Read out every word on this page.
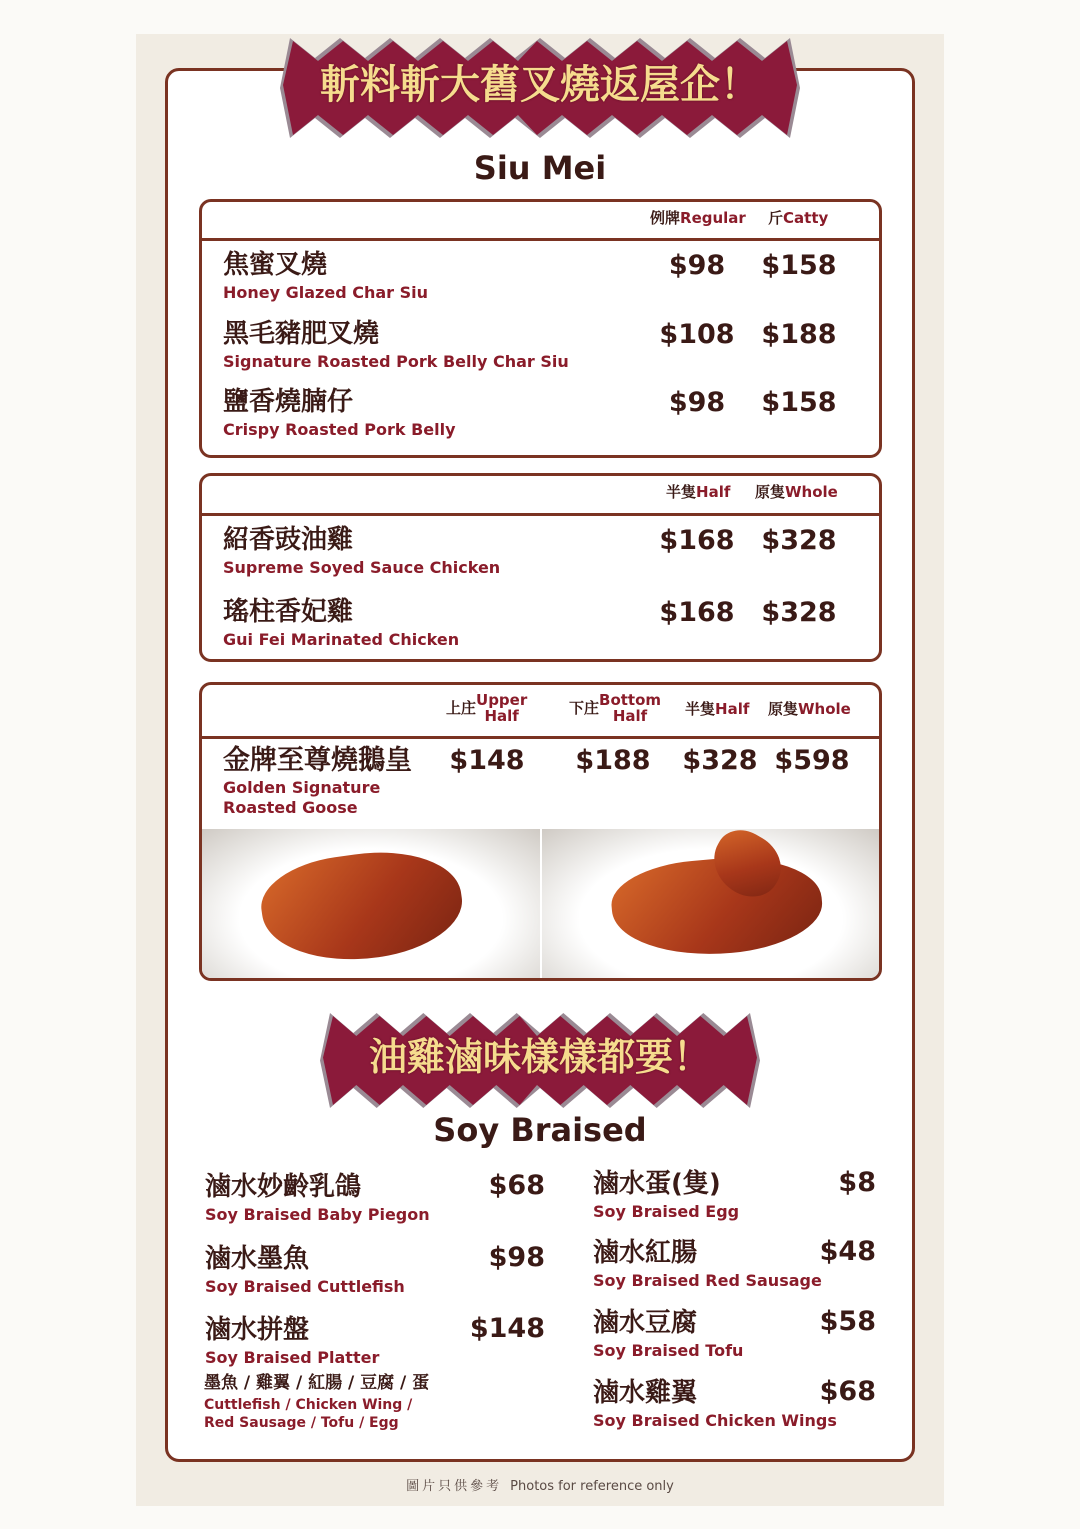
斬料斬大舊叉燒返屋企！
Siu Mei
例牌Regular 斤Catty
半隻Half 原隻Whole
上庄Upper
Half	下庄Bottom
Half	半隻Half 原隻Whole
金牌至尊燒鵝皇
Golden Signature
Roasted Goose
$148 $188 $328 $598
油雞滷味樣樣都要！
Soy Braised
墨魚 / 雞翼 / 紅腸 / 豆腐 / 蛋
Cuttlefish / Chicken Wing /
Red Sausage / Tofu / Egg
圖片只供參考 Photos for reference only
焦蜜叉燒
Honey Glazed Char Siu
$98 $158
黑毛豬肥叉燒
Signature Roasted Pork Belly Char Siu
$108 $188
鹽香燒腩仔
Crispy Roasted Pork Belly
$98 $158
紹香豉油雞
Supreme Soyed Sauce Chicken
$168 $328
瑤柱香妃雞
Gui Fei Marinated Chicken
$168 $328
滷水妙齡乳鴿
Soy Braised Baby Piegon
$68
滷水墨魚
Soy Braised Cuttlefish
$98
滷水拼盤
Soy Braised Platter
$148
滷水蛋(隻)
Soy Braised Egg
$8
滷水紅腸
Soy Braised Red Sausage
$48
滷水豆腐
Soy Braised Tofu
$58
滷水雞翼
Soy Braised Chicken Wings
$68
